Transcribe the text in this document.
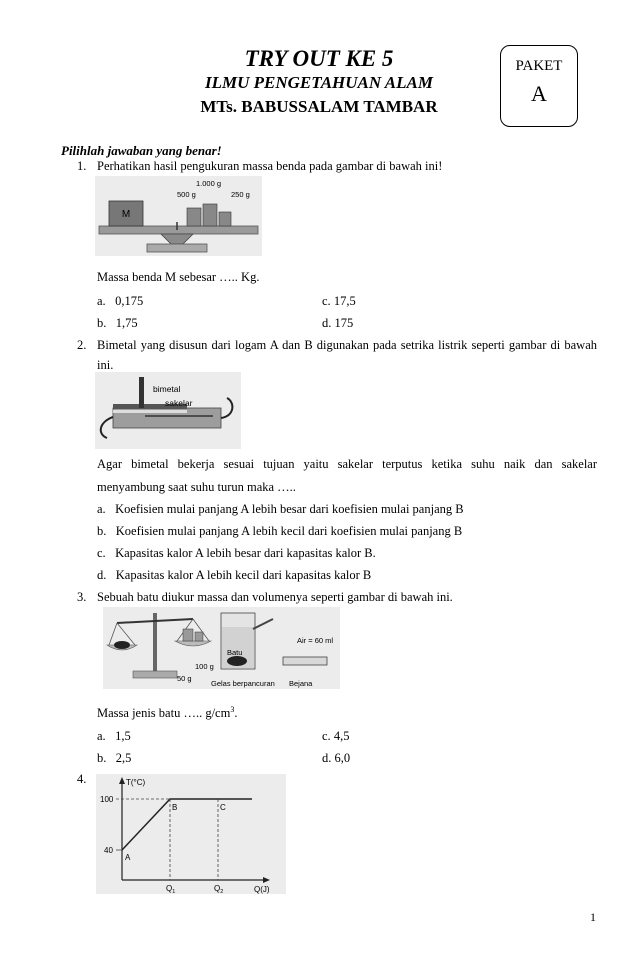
TRY OUT KE 5
ILMU PENGETAHUAN ALAM
MTs. BABUSSALAM TAMBAR
PAKET
A
Pilihlah jawaban yang benar!
1. Perhatikan hasil pengukuran massa benda pada gambar di bawah ini!
M
500 g
1.000 g
250 g
Massa benda M sebesar ….. Kg.
a. 0,175	c. 17,5
b. 1,75	d. 175
2. Bimetal yang disusun dari logam A dan B digunakan pada setrika listrik seperti gambar di bawah
ini.
bimetal
sakelar
Agar bimetal bekerja sesuai tujuan yaitu sakelar terputus ketika suhu naik dan sakelar
menyambung saat suhu turun maka …..
a. Koefisien mulai panjang A lebih besar dari koefisien mulai panjang B
b. Koefisien mulai panjang A lebih kecil dari koefisien mulai panjang B
c. Kapasitas kalor A lebih besar dari kapasitas kalor B.
d. Kapasitas kalor A lebih kecil dari kapasitas kalor B
3. Sebuah batu diukur massa dan volumenya seperti gambar di bawah ini.
100 g
50 g
Batu
Air = 60 ml
Gelas berpancuran Bejana
Massa jenis batu ….. $g/cm^3$.
a. 1,5	c. 4,5
b. 2,5	d. 6,0
4.	T(°C)
Q(J)
100
40
A
B	C
$Q_1$	$Q_2$
1
